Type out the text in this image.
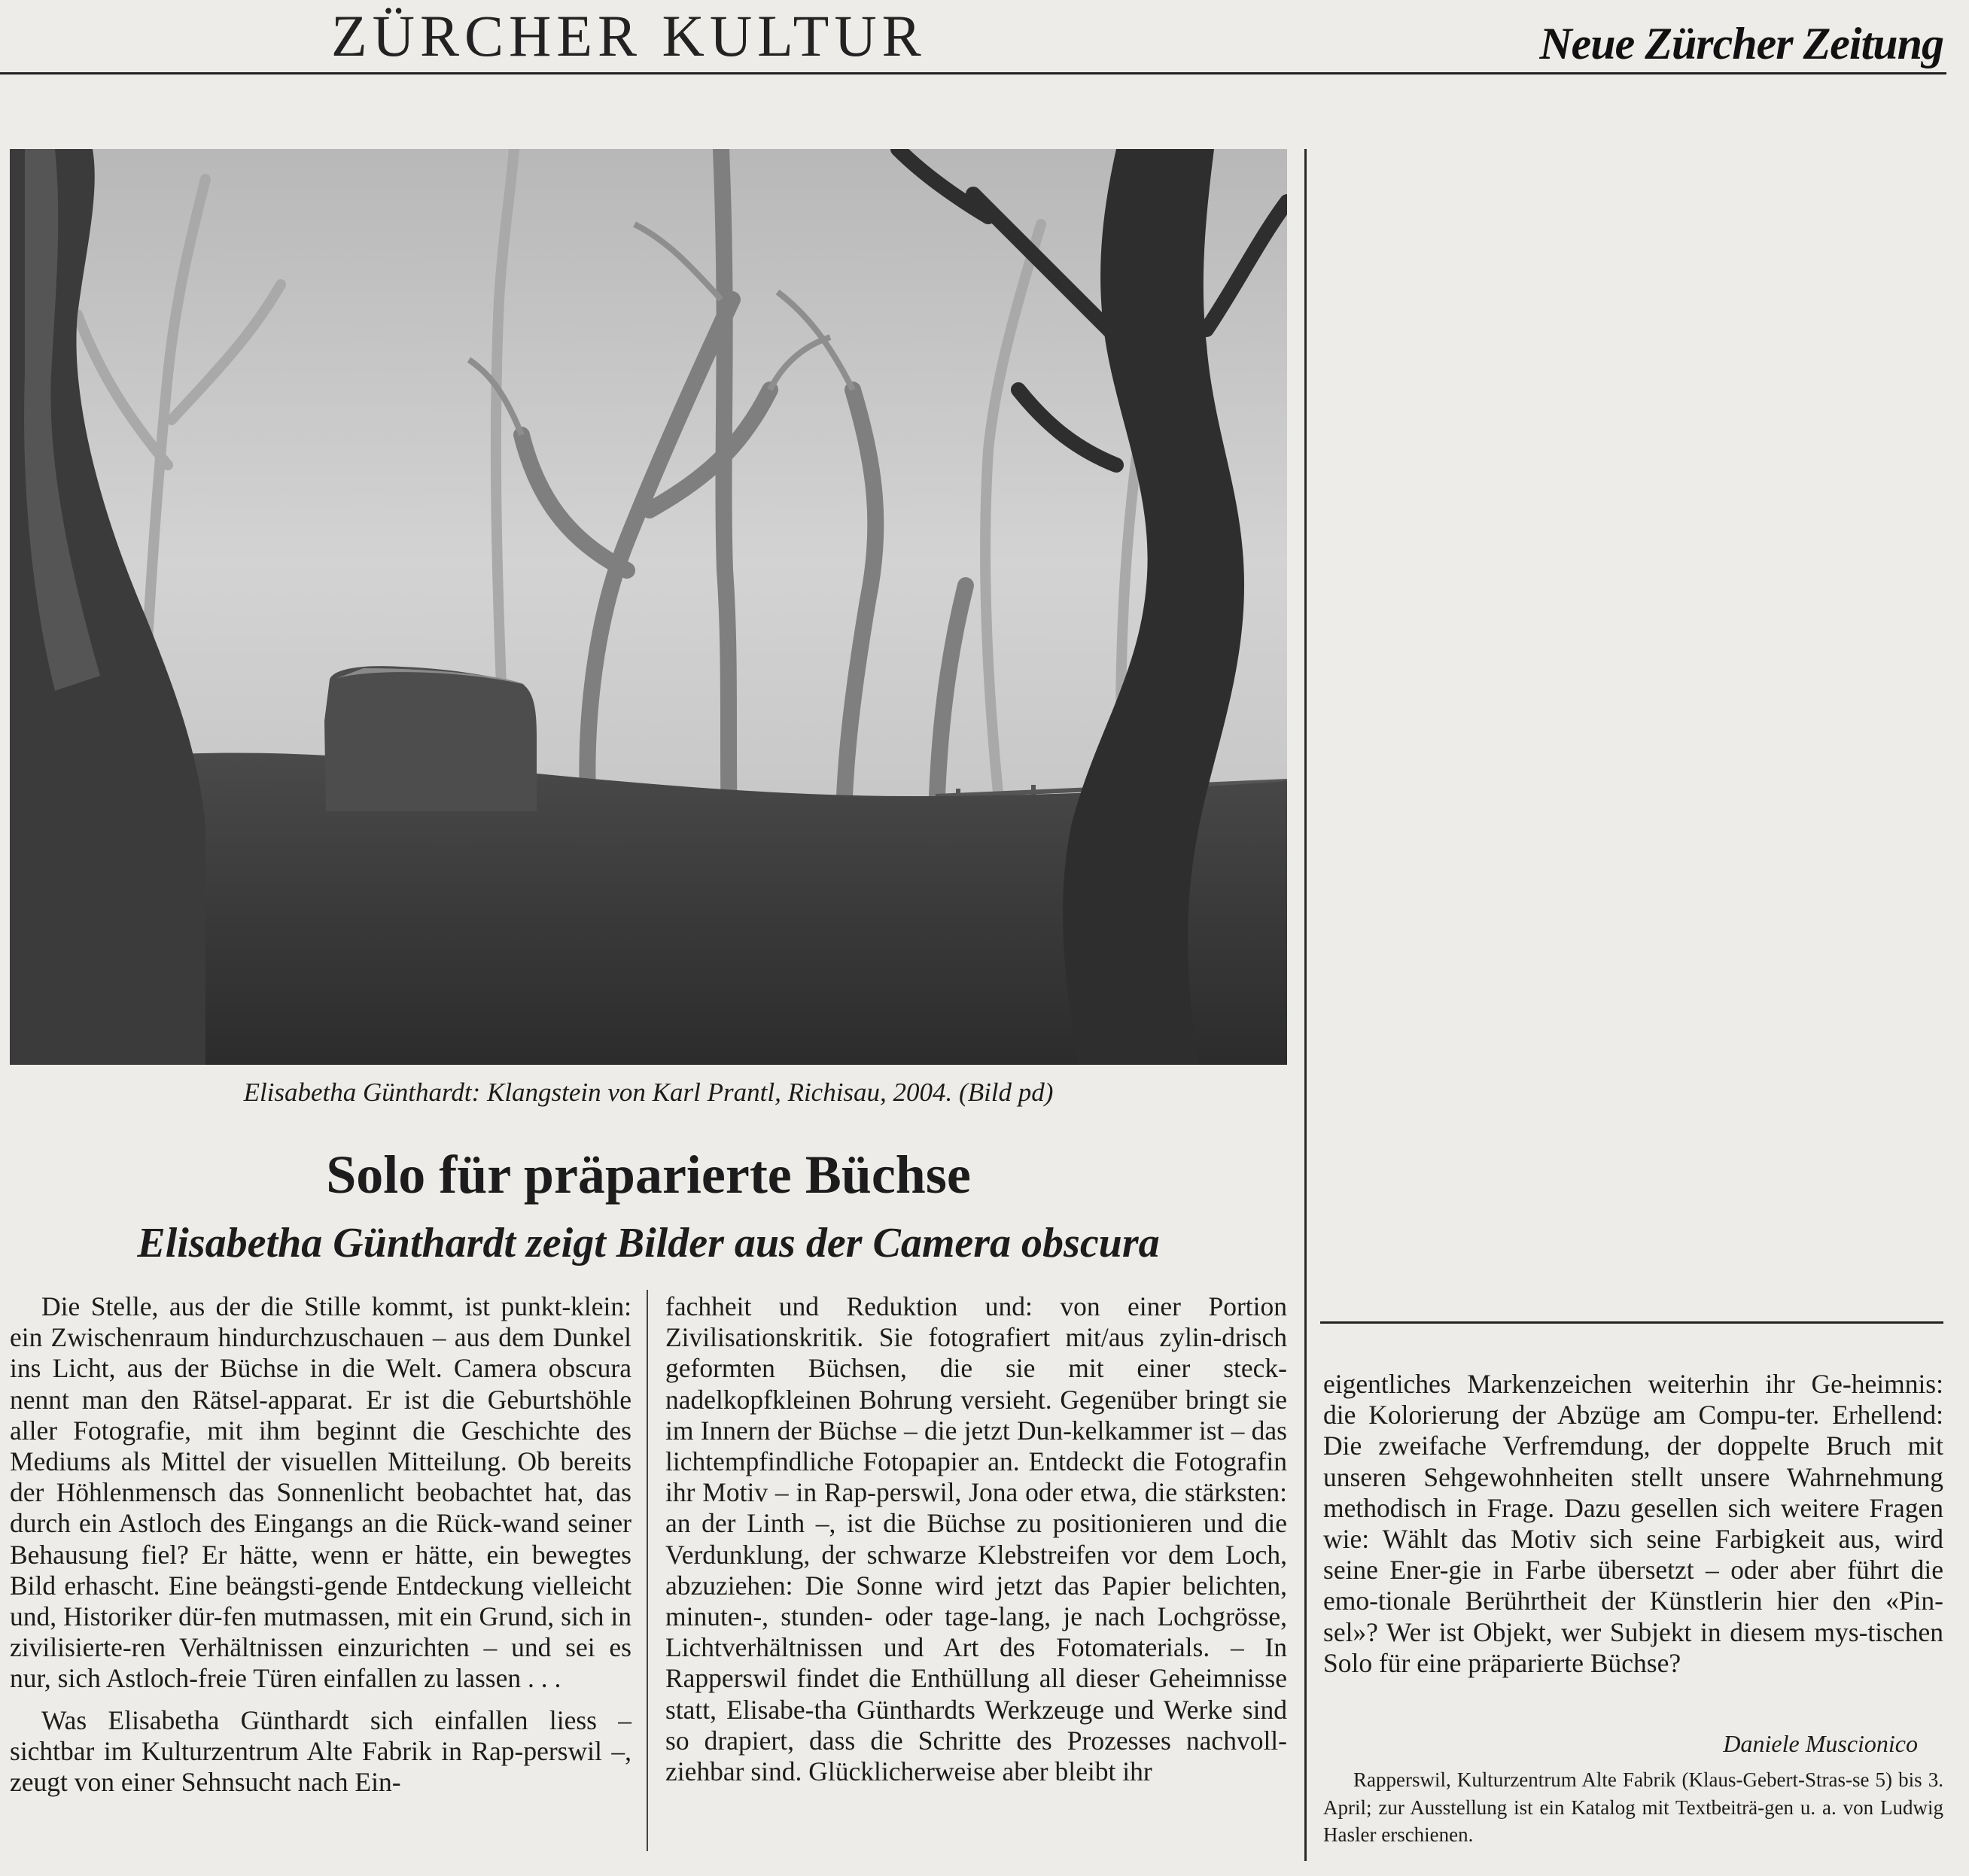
ZÜRCHER KULTUR	Neue Zürcher Zeitung
Elisabetha Günthardt: Klangstein von Karl Prantl, Richisau, 2004. (Bild pd)
Solo für präparierte Büchse
Elisabetha Günthardt zeigt Bilder aus der Camera obscura

Die Stelle, aus der die Stille kommt, ist punkt-klein: ein Zwischenraum hindurchzuschauen – aus dem Dunkel ins Licht, aus der Büchse in die Welt. Camera obscura nennt man den Rätsel-apparat. Er ist die Geburtshöhle aller Fotografie, mit ihm beginnt die Geschichte des Mediums als Mittel der visuellen Mitteilung. Ob bereits der Höhlenmensch das Sonnenlicht beobachtet hat, das durch ein Astloch des Eingangs an die Rück-wand seiner Behausung fiel? Er hätte, wenn er hätte, ein bewegtes Bild erhascht. Eine beängsti-gende Entdeckung vielleicht und, Historiker dür-fen mutmassen, mit ein Grund, sich in zivilisierte-ren Verhältnissen einzurichten – und sei es nur, sich Astloch-freie Türen einfallen zu lassen . . .

Was Elisabetha Günthardt sich einfallen liess – sichtbar im Kulturzentrum Alte Fabrik in Rap-perswil –, zeugt von einer Sehnsucht nach Ein-

fachheit und Reduktion und: von einer Portion Zivilisationskritik. Sie fotografiert mit/aus zylin-drisch geformten Büchsen, die sie mit einer steck-nadelkopfkleinen Bohrung versieht. Gegenüber bringt sie im Innern der Büchse – die jetzt Dun-kelkammer ist – das lichtempfindliche Fotopapier an. Entdeckt die Fotografin ihr Motiv – in Rap-perswil, Jona oder etwa, die stärksten: an der Linth –, ist die Büchse zu positionieren und die Verdunklung, der schwarze Klebstreifen vor dem Loch, abzuziehen: Die Sonne wird jetzt das Papier belichten, minuten-, stunden- oder tage-lang, je nach Lochgrösse, Lichtverhältnissen und Art des Fotomaterials. – In Rapperswil findet die Enthüllung all dieser Geheimnisse statt, Elisabe-tha Günthardts Werkzeuge und Werke sind so drapiert, dass die Schritte des Prozesses nachvoll-ziehbar sind. Glücklicherweise aber bleibt ihr

eigentliches Markenzeichen weiterhin ihr Ge-heimnis: die Kolorierung der Abzüge am Compu-ter. Erhellend: Die zweifache Verfremdung, der doppelte Bruch mit unseren Sehgewohnheiten stellt unsere Wahrnehmung methodisch in Frage. Dazu gesellen sich weitere Fragen wie: Wählt das Motiv sich seine Farbigkeit aus, wird seine Ener-gie in Farbe übersetzt – oder aber führt die emo-tionale Berührtheit der Künstlerin hier den «Pin-sel»? Wer ist Objekt, wer Subjekt in diesem mys-tischen Solo für eine präparierte Büchse?

Daniele Muscionico

Rapperswil, Kulturzentrum Alte Fabrik (Klaus-Gebert-Stras-se 5) bis 3. April; zur Ausstellung ist ein Katalog mit Textbeiträ-gen u. a. von Ludwig Hasler erschienen.
